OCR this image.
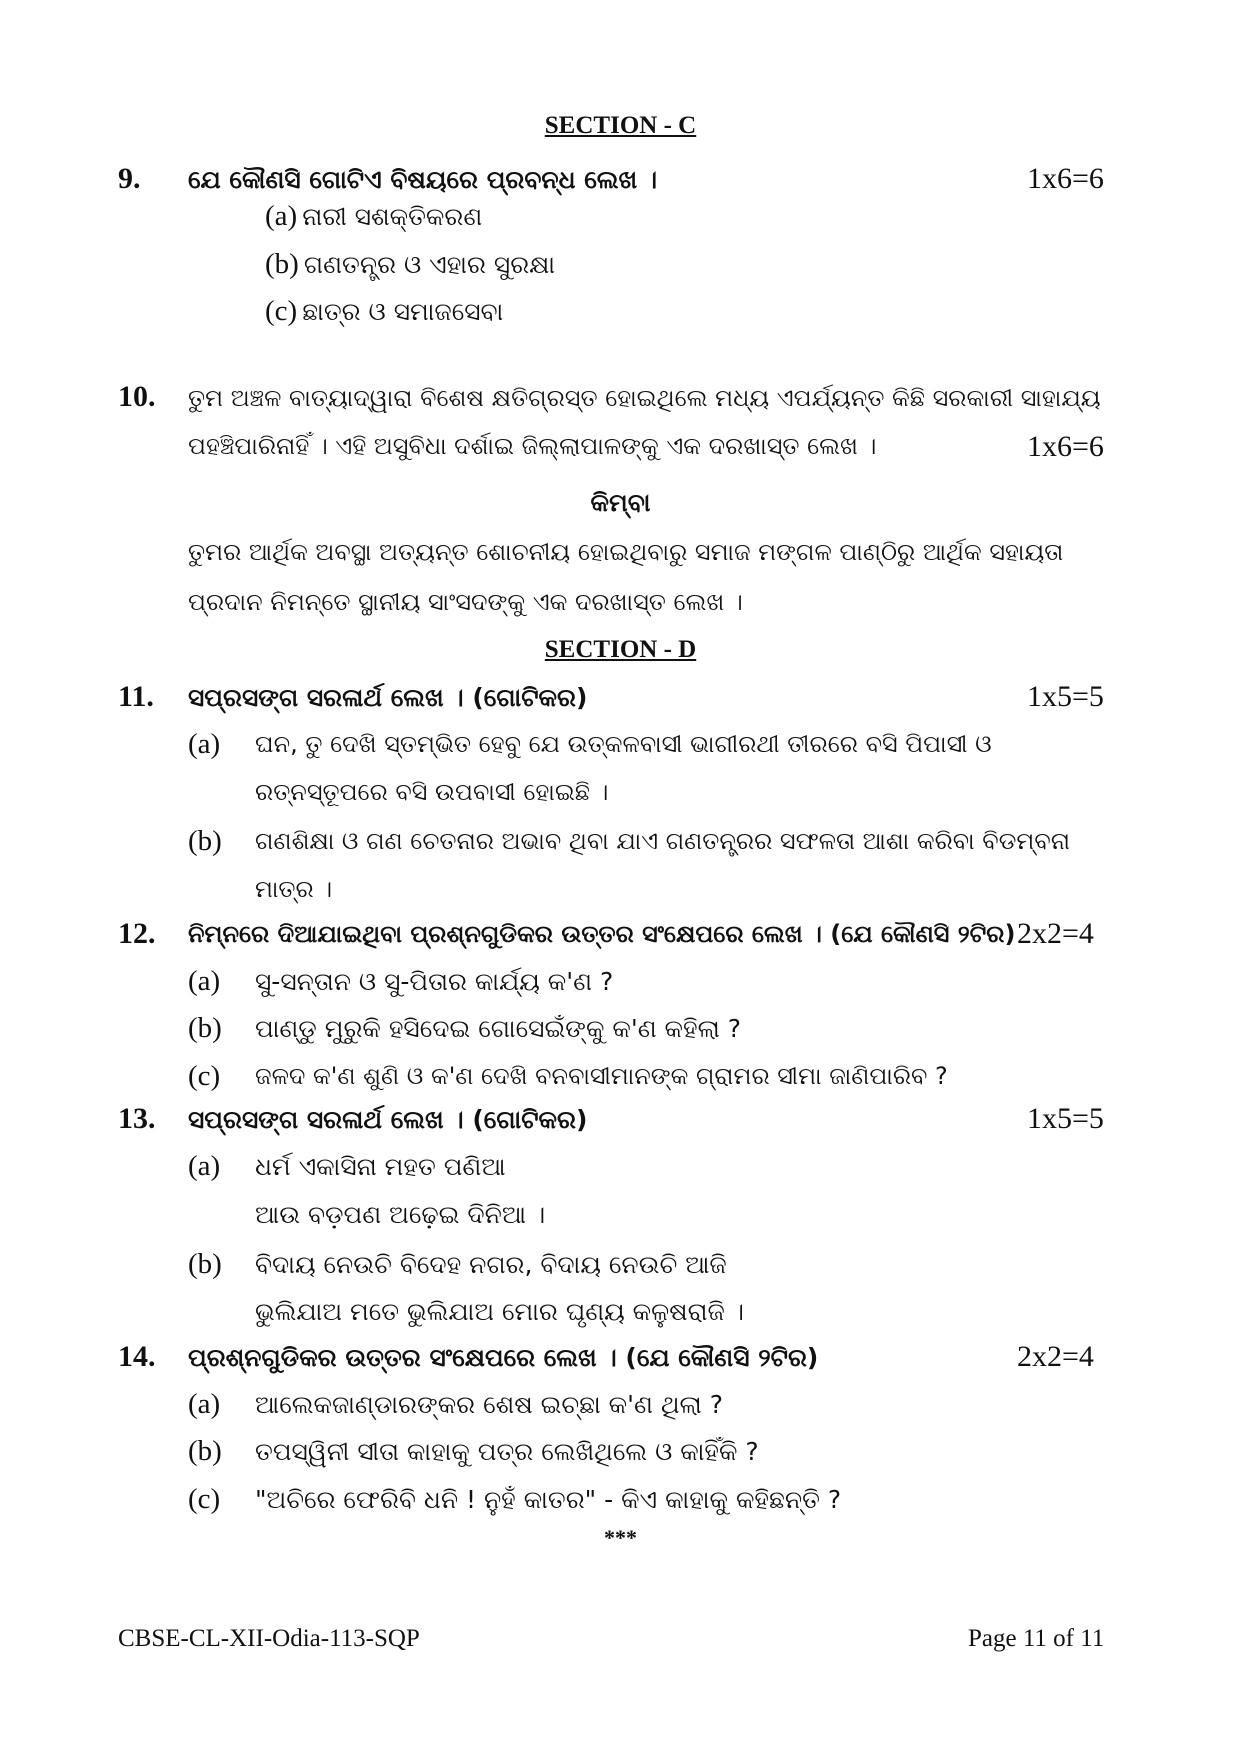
SECTION - C
9. ଯେ କୌଣସି ଗୋଟିଏ ବିଷୟରେ ପ୍ରବନ୍ଧ ଲେଖ ।	1x6=6
(a) ନାରୀ ସଶକ୍ତିକରଣ
(b) ଗଣତନ୍ତ୍ର ଓ ଏହାର ସୁରକ୍ଷା
(c) ଛାତ୍ର ଓ ସମାଜସେବା
10. ତୁମ ଅଞ୍ଚଳ ବାତ୍ୟାଦ୍ୱାରା ବିଶେଷ କ୍ଷତିଗ୍ରସ୍ତ ହୋଇଥିଲେ ମଧ୍ୟ ଏପର୍ଯ୍ୟନ୍ତ କିଛି ସରକାରୀ ସାହାଯ୍ୟ
ପହଞ୍ଚିପାରିନାହିଁ । ଏହି ଅସୁବିଧା ଦର୍ଶାଇ ଜିଲ୍ଲାପାଳଙ୍କୁ ଏକ ଦରଖାସ୍ତ ଲେଖ ।	1x6=6
କିମ୍ବା
ତୁମର ଆର୍ଥିକ ଅବସ୍ଥା ଅତ୍ୟନ୍ତ ଶୋଚନୀୟ ହୋଇଥିବାରୁ ସମାଜ ମଙ୍ଗଳ ପାଣ୍ଠିରୁ ଆର୍ଥିକ ସହାୟତା
ପ୍ରଦାନ ନିମନ୍ତେ ସ୍ଥାନୀୟ ସାଂସଦଙ୍କୁ ଏକ ଦରଖାସ୍ତ ଲେଖ ।
SECTION - D
11. ସପ୍ରସଙ୍ଗ ସରଳାର୍ଥ ଲେଖ । (ଗୋଟିକର)	1x5=5
(a) ଘନ, ତୁ ଦେଖି ସ୍ତମ୍ଭିତ ହେବୁ ଯେ ଉତ୍କଳବାସୀ ଭାଗୀରଥୀ ତୀରରେ ବସି ପିପାସୀ ଓ
ରତ୍ନସ୍ତୂପରେ ବସି ଉପବାସୀ ହୋଇଛି ।
(b) ଗଣଶିକ୍ଷା ଓ ଗଣ ଚେତନାର ଅଭାବ ଥିବା ଯାଏ ଗଣତନ୍ତ୍ରର ସଫଳତା ଆଶା କରିବା ବିଡମ୍ବନା
ମାତ୍ର ।
12. ନିମ୍ନରେ ଦିଆଯାଇଥିବା ପ୍ରଶ୍ନଗୁଡିକର ଉତ୍ତର ସଂକ୍ଷେପରେ ଲେଖ । (ଯେ କୌଣସି ୨ଟିର) 2x2=4
(a) ସୁ-ସନ୍ତାନ ଓ ସୁ-ପିତାର କାର୍ଯ୍ୟ କ'ଣ ?
(b) ପାଣ୍ଡୁ ମୁରୁକି ହସିଦେଇ ଗୋସେଇଁଙ୍କୁ କ'ଣ କହିଲା ?
(c) ଜଳଦ କ'ଣ ଶୁଣି ଓ କ'ଣ ଦେଖି ବନବାସୀମାନଙ୍କ ଗ୍ରାମର ସୀମା ଜାଣିପାରିବ ?
13. ସପ୍ରସଙ୍ଗ ସରଳାର୍ଥ ଲେଖ । (ଗୋଟିକର)	1x5=5
(a) ଧର୍ମ ଏକାସିନା ମହତ ପଣିଆ
ଆଉ ବଡ଼ପଣ ଅଢ଼େଇ ଦିନିଆ ।
(b) ବିଦାୟ ନେଉଚି ବିଦେହ ନଗର, ବିଦାୟ ନେଉଚି ଆଜି
ଭୁଲିଯାଅ ମତେ ଭୁଲିଯାଅ ମୋର ଘୃଣ୍ୟ କଳୁଷରାଜି ।
14. ପ୍ରଶ୍ନଗୁଡିକର ଉତ୍ତର ସଂକ୍ଷେପରେ ଲେଖ । (ଯେ କୌଣସି ୨ଟିର)	2x2=4
(a) ଆଲେକଜାଣ୍ଡାରଙ୍କର ଶେଷ ଇଚ୍ଛା କ'ଣ ଥିଲା ?
(b) ତପସ୍ୱିନୀ ସୀତା କାହାକୁ ପତ୍ର ଲେଖିଥିଲେ ଓ କାହିଁକି ?
(c) "ଅଚିରେ ଫେରିବି ଧନି ! ନୁହଁ କାତର" - କିଏ କାହାକୁ କହିଛନ୍ତି ?
***
CBSE-CL-XII-Odia-113-SQP	Page 11 of 11
